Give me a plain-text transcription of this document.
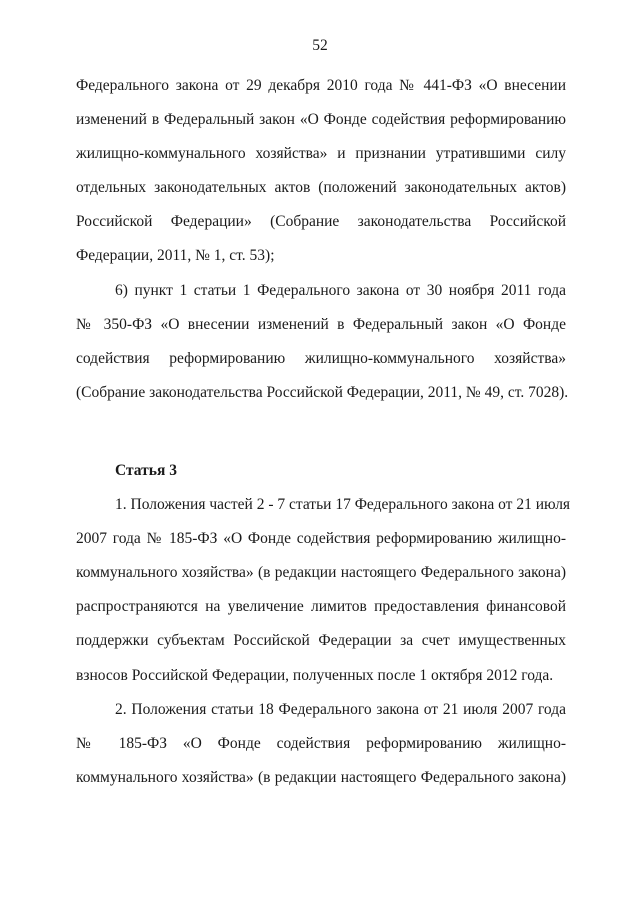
52
Федерального закона от 29 декабря 2010 года № 441-ФЗ «О внесении
изменений в Федеральный закон «О Фонде содействия реформированию
жилищно-коммунального хозяйства» и признании утратившими силу
отдельных законодательных актов (положений законодательных актов)
Российской Федерации» (Собрание законодательства Российской
Федерации, 2011, № 1, ст. 53);
6) пункт 1 статьи 1 Федерального закона от 30 ноября 2011 года
№ 350-ФЗ «О внесении изменений в Федеральный закон «О Фонде
содействия реформированию жилищно-коммунального хозяйства»
(Собрание законодательства Российской Федерации, 2011, № 49, ст. 7028).
Статья 3
1. Положения частей 2 - 7 статьи 17 Федерального закона от 21 июля
2007 года № 185-ФЗ «О Фонде содействия реформированию жилищно-
коммунального хозяйства» (в редакции настоящего Федерального закона)
распространяются на увеличение лимитов предоставления финансовой
поддержки субъектам Российской Федерации за счет имущественных
взносов Российской Федерации, полученных после 1 октября 2012 года.
2. Положения статьи 18 Федерального закона от 21 июля 2007 года
№ 185-ФЗ «О Фонде содействия реформированию жилищно-
коммунального хозяйства» (в редакции настоящего Федерального закона)
